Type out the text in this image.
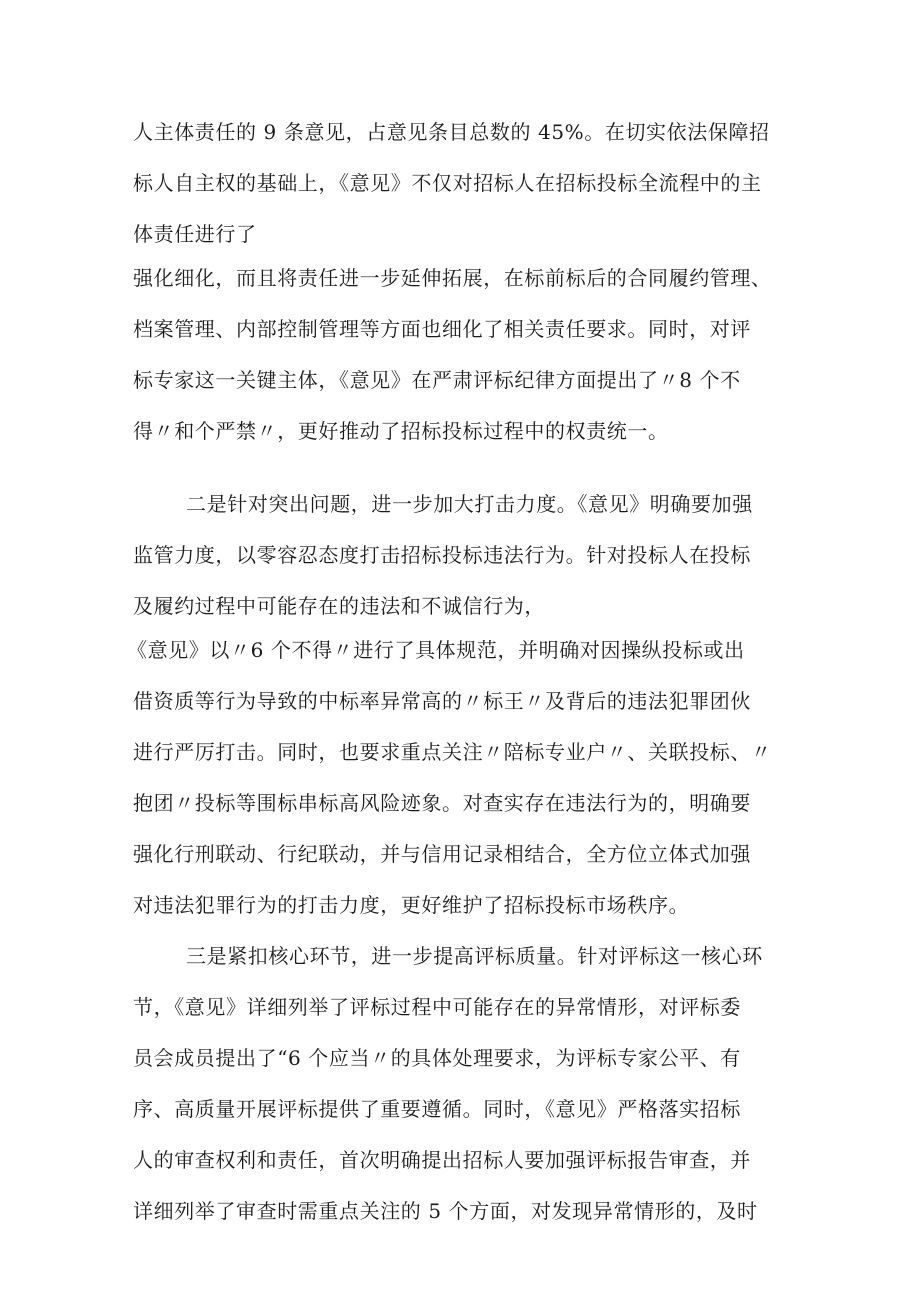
人主体责任的 9 条意见，占意见条目总数的 45%。在切实依法保障招

标人自主权的基础上，《意见》不仅对招标人在招标投标全流程中的主

体责任进行了

强化细化，而且将责任进一步延伸拓展，在标前标后的合同履约管理、

档案管理、内部控制管理等方面也细化了相关责任要求。同时，对评

标专家这一关键主体，《意见》在严肃评标纪律方面提出了〃8 个不

得〃和个严禁〃，更好推动了招标投标过程中的权责统一。

二是针对突出问题，进一步加大打击力度。《意见》明确要加强

监管力度，以零容忍态度打击招标投标违法行为。针对投标人在投标

及履约过程中可能存在的违法和不诚信行为，

《意见》以〃6 个不得〃进行了具体规范，并明确对因操纵投标或出

借资质等行为导致的中标率异常高的〃标王〃及背后的违法犯罪团伙

进行严厉打击。同时，也要求重点关注〃陪标专业户〃、关联投标、〃

抱团〃投标等围标串标高风险迹象。对查实存在违法行为的，明确要

强化行刑联动、行纪联动，并与信用记录相结合，全方位立体式加强

对违法犯罪行为的打击力度，更好维护了招标投标市场秩序。

三是紧扣核心环节，进一步提高评标质量。针对评标这一核心环

节，《意见》详细列举了评标过程中可能存在的异常情形，对评标委

员会成员提出了“6 个应当〃的具体处理要求，为评标专家公平、有

序、高质量开展评标提供了重要遵循。同时，《意见》严格落实招标

人的审查权利和责任，首次明确提出招标人要加强评标报告审查，并

详细列举了审查时需重点关注的 5 个方面，对发现异常情形的，及时
